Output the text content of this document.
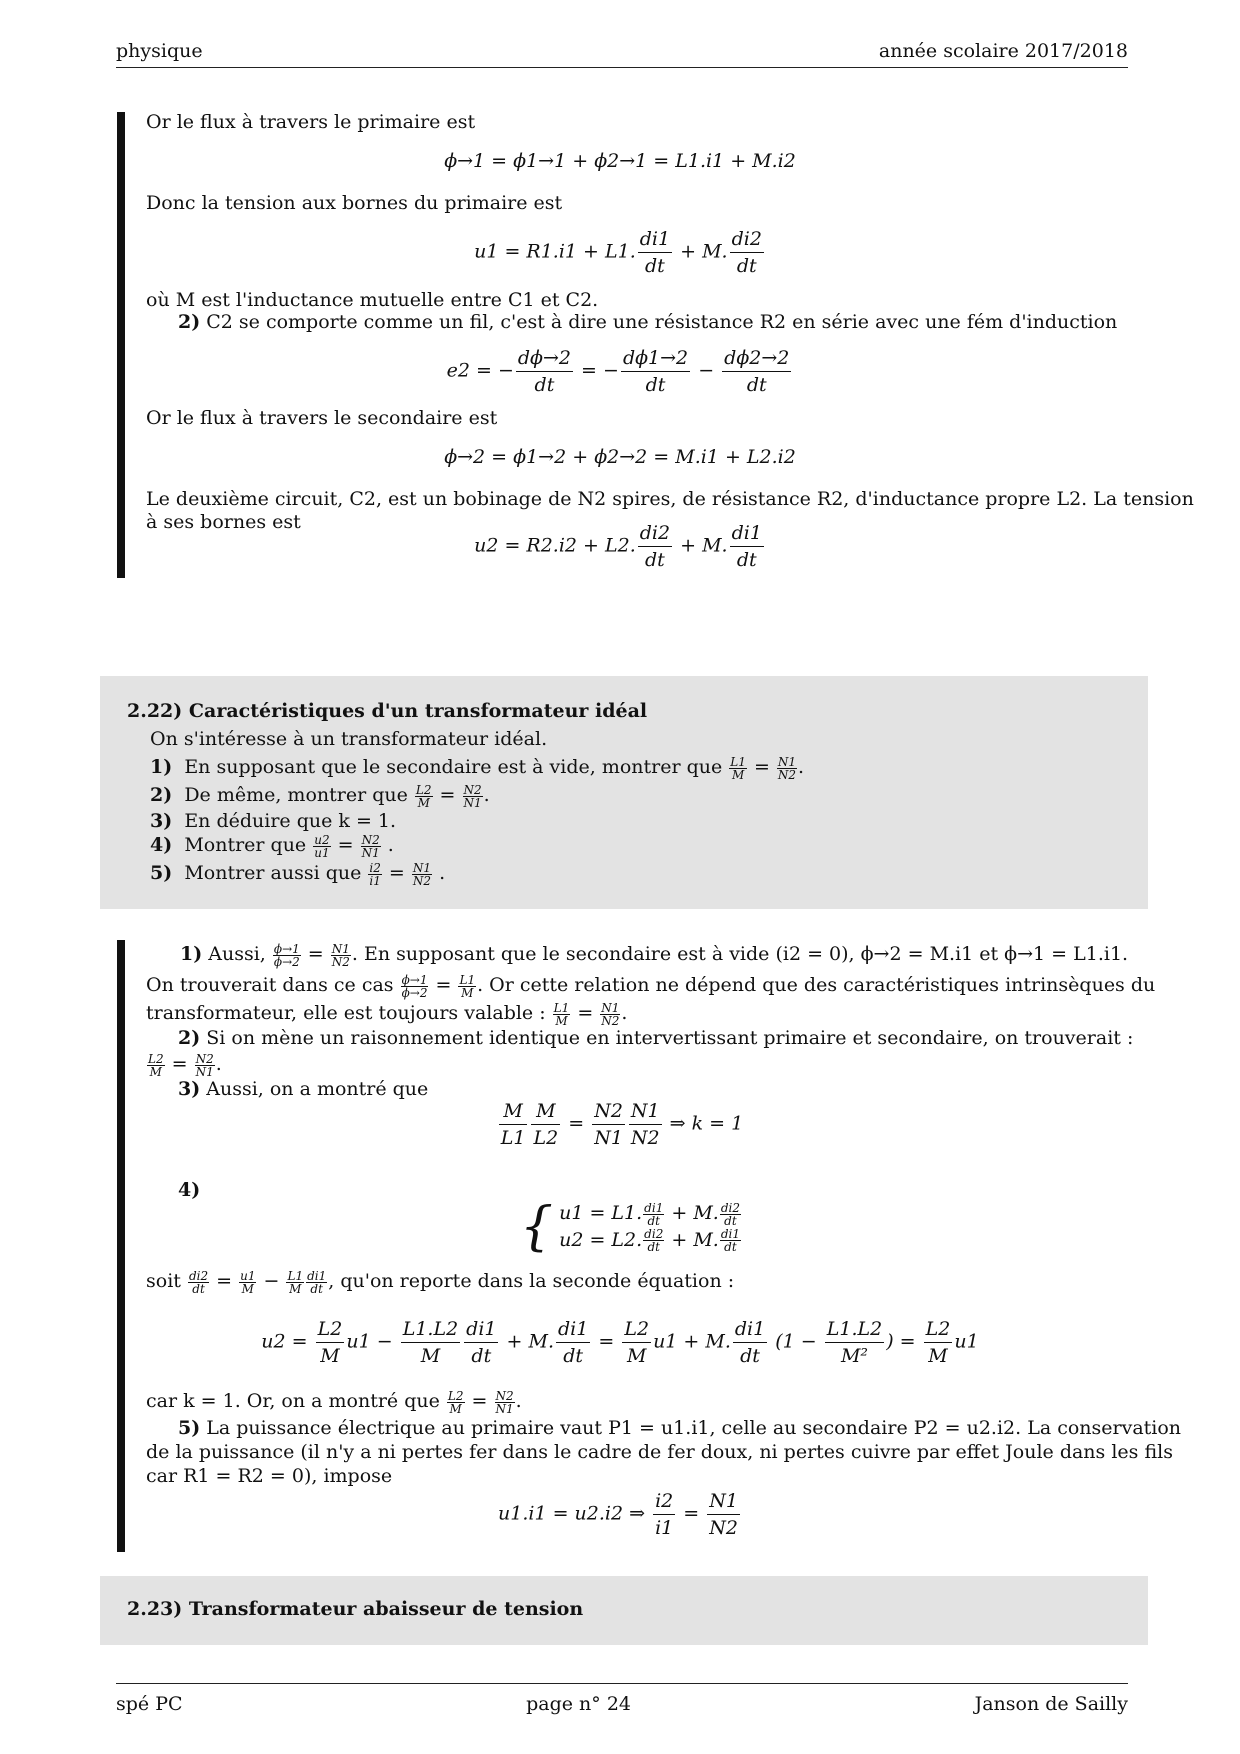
physique	année scolaire 2017/2018
Or le flux à travers le primaire est
ϕ→1 = ϕ1→1 + ϕ2→1 = L1.i1 + M.i2
Donc la tension aux bornes du primaire est
u1 = R1.i1 + L1. $\frac{di1}{dt} + M$. $\frac{di2}{dt}$
où M est l'inductance mutuelle entre C1 et C2.
2) C2 se comporte comme un fil, c'est à dire une résistance R2 en série avec une fém d'induction
e2 = − $\frac{d\phi\to 2}{dt}$ = − $\frac{d\phi 1\to 2}{dt} - \frac{d\phi 2\to 2}{dt}$
Or le flux à travers le secondaire est
ϕ→2 = ϕ1→2 + ϕ2→2 = M.i1 + L2.i2
Le deuxième circuit, C2, est un bobinage de N2 spires, de résistance R2, d'inductance propre L2. La tension
à ses bornes est
u2 = R2.i2 + L2. $\frac{di2}{dt} + M$. $\frac{di1}{dt}$
2.22) Caractéristiques d'un transformateur idéal
On s'intéresse à un transformateur idéal.
1) En supposant que le secondaire est à vide, montrer que $\frac{L1}{M} = \frac{N1}{N2}$ .
2) De même, montrer que $\frac{L2}{M} = \frac{N2}{N1}$ .
3) En déduire que k = 1.
4) Montrer que $\frac{u2}{u1} = \frac{N2}{N1}$ .
5) Montrer aussi que $\frac{i2}{i1} = \frac{N1}{N2}$ .
1) Aussi, $\frac{\phi\to 1}{\phi\to 2} = \frac{N1}{N2}$ . En supposant que le secondaire est à vide (i2 = 0), ϕ→2 = M.i1 et ϕ→1 = L1.i1.
On trouverait dans ce cas $\frac{\phi\to 1}{\phi\to 2} = \frac{L1}{M}$ . Or cette relation ne dépend que des caractéristiques intrinsèques du
transformateur, elle est toujours valable : $\frac{L1}{M} = \frac{N1}{N2}$ .
2) Si on mène un raisonnement identique en intervertissant primaire et secondaire, on trouverait :
$\frac{L2}{M} = \frac{N2}{N1}$ .
3) Aussi, on a montré que
$\frac{M}{L1} \frac{M}{L2} = \frac{N2}{N1} \frac{N1}{N2}$ ⇒ k = 1
4)
{ u1 = L1. $\frac{di1}{dt} + M$. $\frac{di2}{dt}$
u2 = L2. $\frac{di2}{dt} + M$. $\frac{di1}{dt}$
soit $\frac{di2}{dt} = \frac{u1}{M} - \frac{L1}{M} \frac{di1}{dt}$ , qu'on reporte dans la seconde équation :
$u2 = \frac{L2}{M} u1 - \frac{L1.L2}{M} \frac{di1}{dt} + M$. $\frac{di1}{dt} = \frac{L2}{M} u1 + M$. $\frac{di1}{dt} (1 - \frac{L1.L2}{\text{M²}}$ ) = $\frac{L2}{M} u1$
car k = 1. Or, on a montré que $\frac{L2}{M} = \frac{N2}{N1}$ .
5) La puissance électrique au primaire vaut P1 = u1.i1, celle au secondaire P2 = u2.i2. La conservation
de la puissance (il n'y a ni pertes fer dans le cadre de fer doux, ni pertes cuivre par effet Joule dans les fils
car R1 = R2 = 0), impose
u1.i1 = u2.i2 ⇒ $\frac{i2}{i1} = \frac{N1}{N2}$
2.23) Transformateur abaisseur de tension
spé PC	page n° 24	Janson de Sailly
